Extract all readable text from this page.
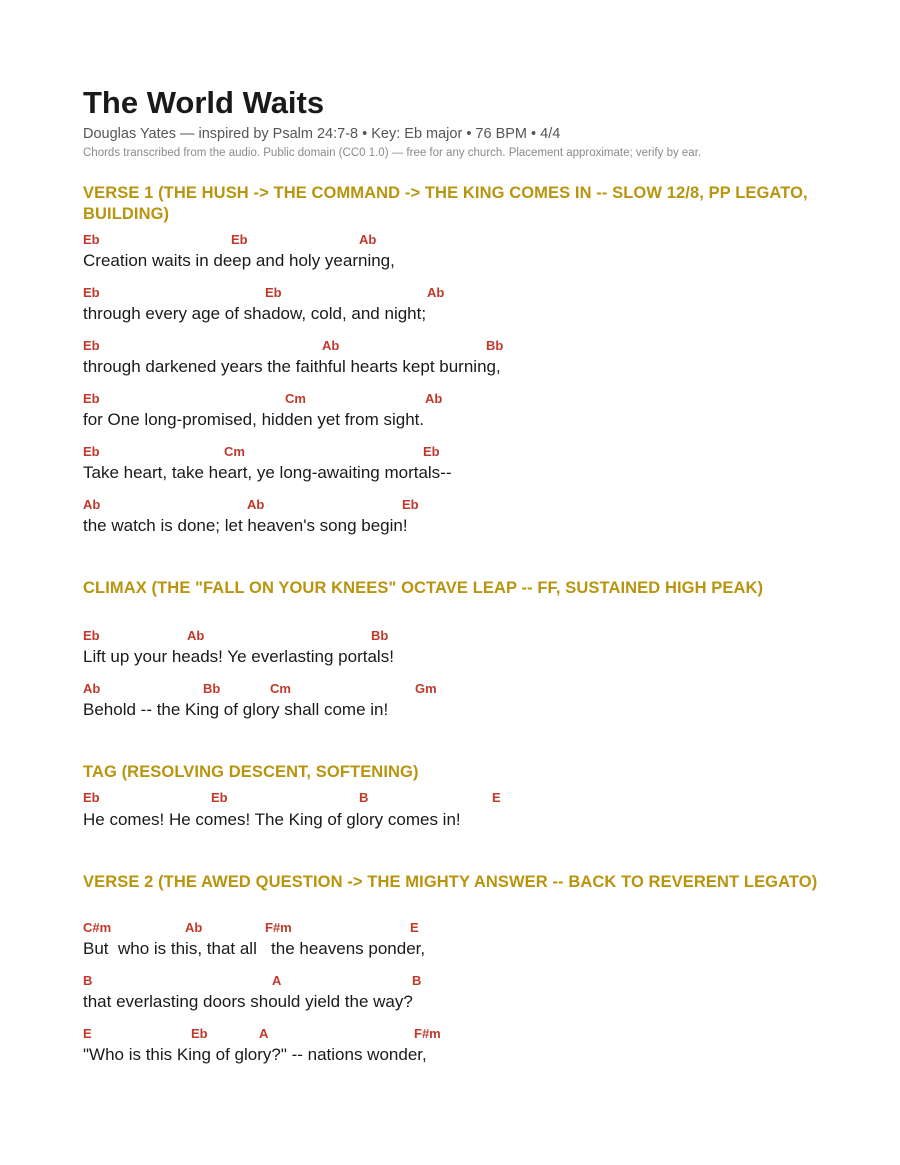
The World Waits
Douglas Yates — inspired by Psalm 24:7-8 • Key: Eb major • 76 BPM • 4/4
Chords transcribed from the audio. Public domain (CC0 1.0) — free for any church. Placement approximate; verify by ear.
VERSE 1 (THE HUSH -> THE COMMAND -> THE KING COMES IN -- SLOW 12/8, PP LEGATO, BUILDING)
Eb	Eb	Ab
Creation waits in deep and holy yearning,
Eb	Eb	Ab
through every age of shadow, cold, and night;
Eb	Ab	Bb
through darkened years the faithful hearts kept burning,
Eb	Cm	Ab
for One long-promised, hidden yet from sight.
Eb	Cm	Eb
Take heart, take heart, ye long-awaiting mortals--
Ab	Ab	Eb
the watch is done; let heaven's song begin!
CLIMAX (THE "FALL ON YOUR KNEES" OCTAVE LEAP -- FF, SUSTAINED HIGH PEAK)
Eb	Ab	Bb
Lift up your heads! Ye everlasting portals!
Ab	Bb	Cm	Gm
Behold -- the King of glory shall come in!
TAG (RESOLVING DESCENT, SOFTENING)
Eb	Eb	B	E
He comes! He comes! The King of glory comes in!
VERSE 2 (THE AWED QUESTION -> THE MIGHTY ANSWER -- BACK TO REVERENT LEGATO)
C#m	Ab	F#m	E
But  who is this, that all   the heavens ponder,
B	A	B
that everlasting doors should yield the way?
E	Eb	A	F#m
"Who is this King of glory?" -- nations wonder,
